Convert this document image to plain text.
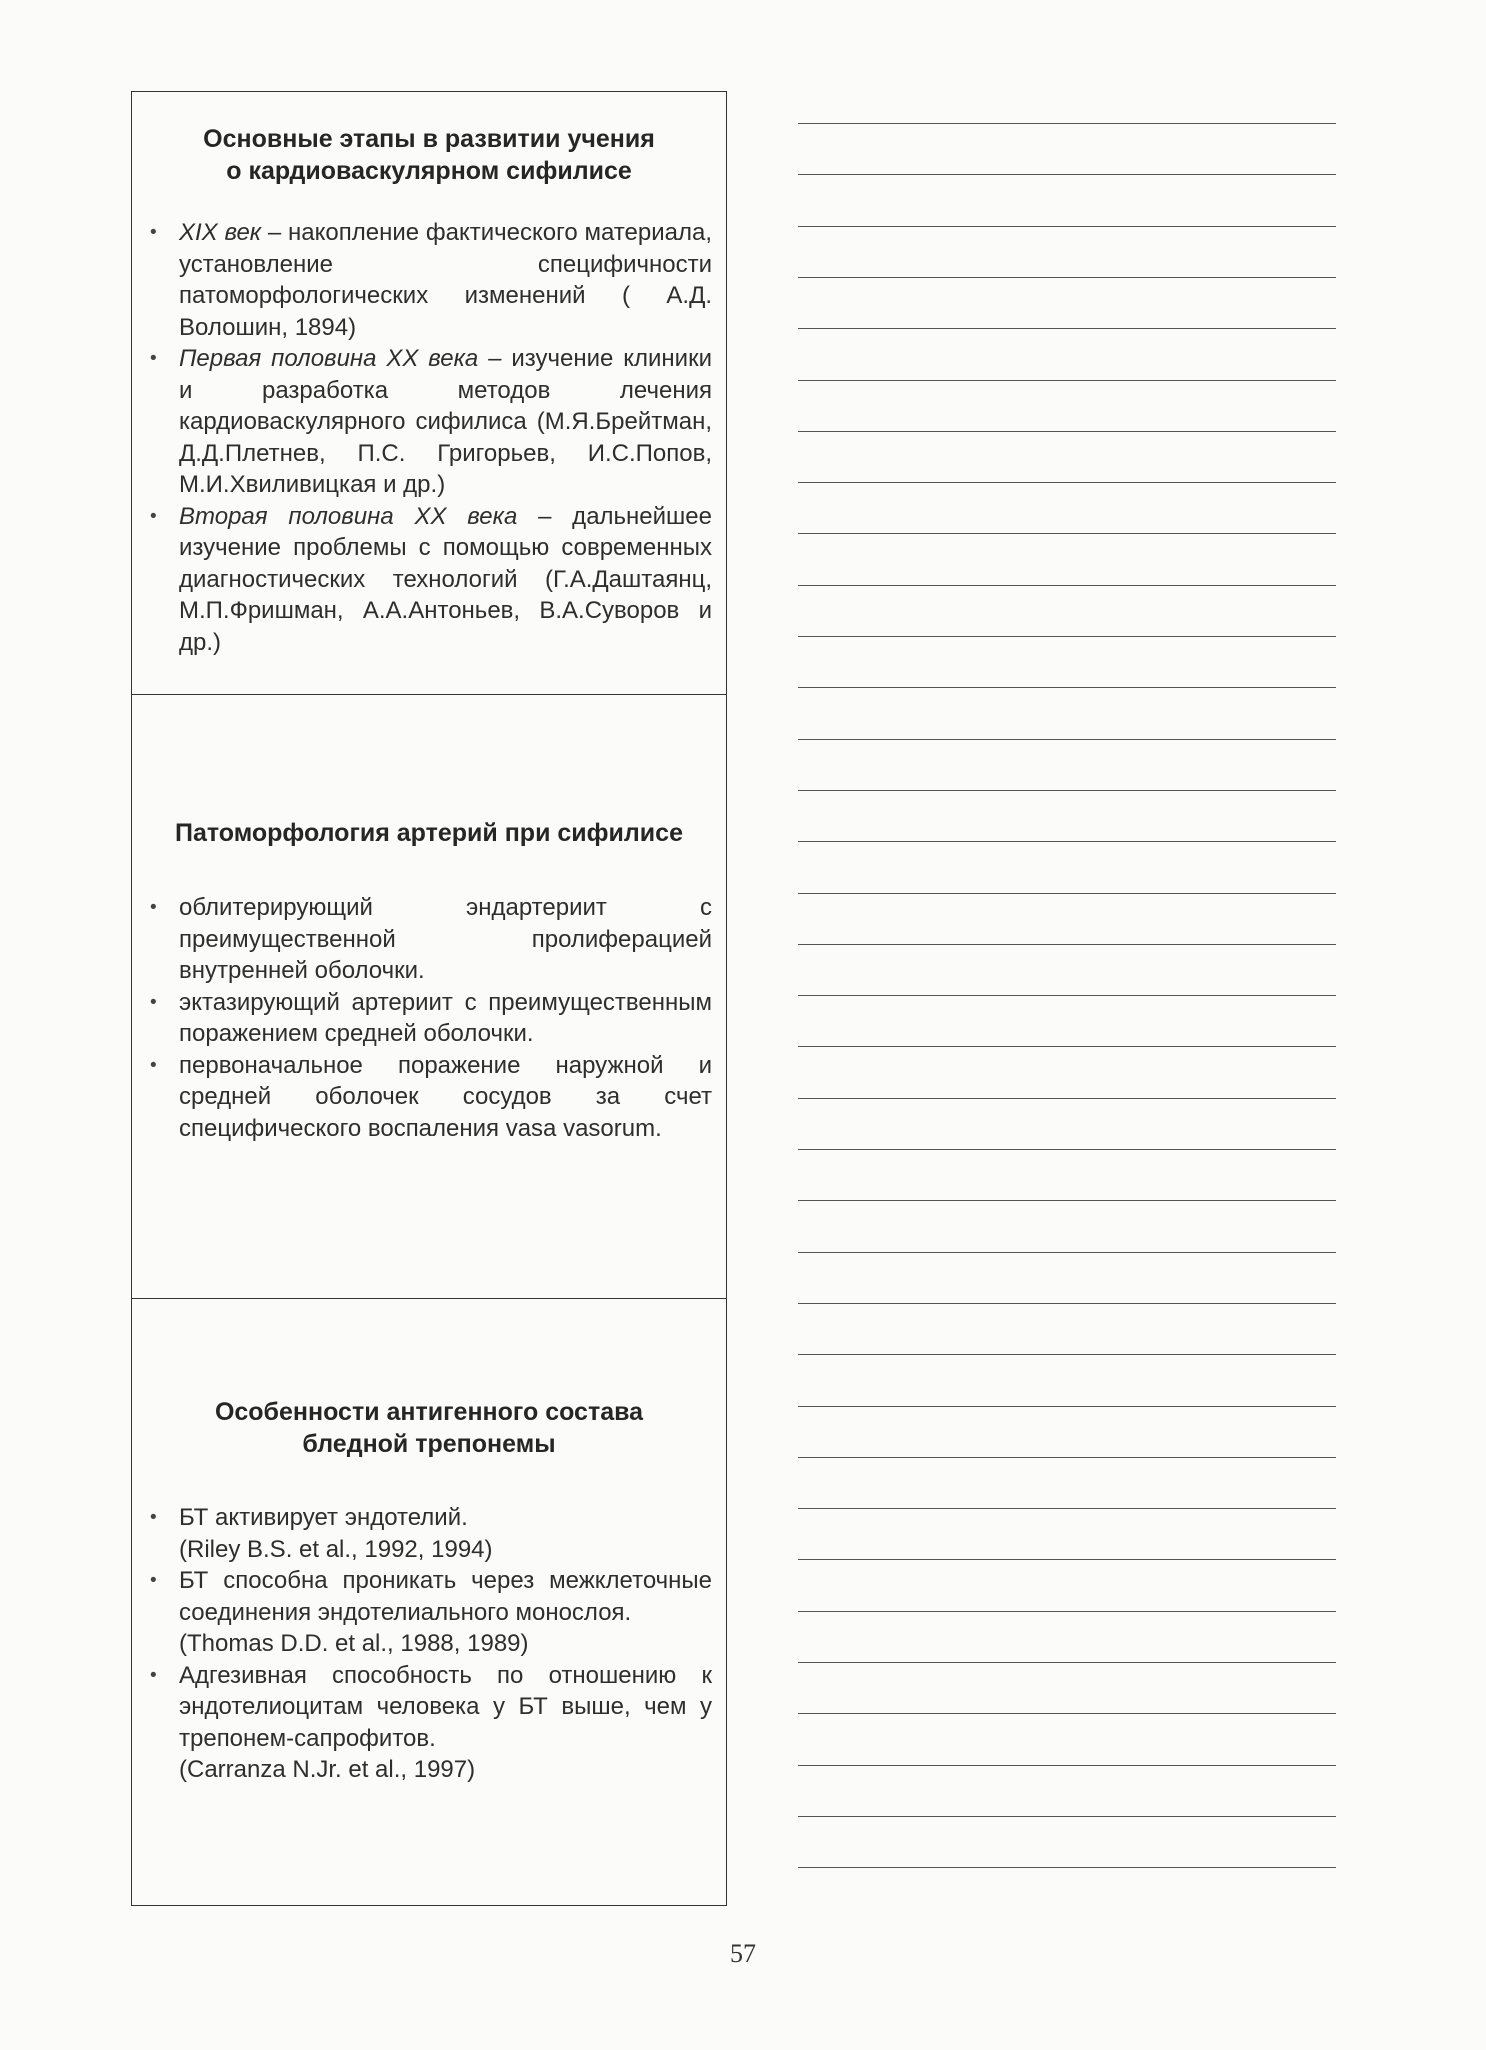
Основные этапы в развитии учения
о кардиоваскулярном сифилисе
• XIX век – накопление фактического материала, установление специфичности патоморфологических изменений ( А.Д. Волошин, 1894)
• Первая половина XX века – изучение клиники и разработка методов лечения кардиоваскулярного сифилиса (М.Я.Брейтман, Д.Д.Плетнев, П.С. Григорьев, И.С.Попов, М.И.Хвиливицкая и др.)
• Вторая половина XX века – дальнейшее изучение проблемы с помощью современных диагностических технологий (Г.А.Даштаянц, М.П.Фришман, А.А.Антоньев, В.А.Суворов и др.)
Патоморфология артерий при сифилисе
• облитерирующий эндартериит с преимущественной пролиферацией внутренней оболочки.
• эктазирующий артериит с преимущественным поражением средней оболочки.
• первоначальное поражение наружной и средней оболочек сосудов за счет специфического воспаления vasa vasorum.
Особенности антигенного состава
бледной трепонемы
• БТ активирует эндотелий.
(Riley B.S. et al., 1992, 1994)
• БТ способна проникать через межклеточные соединения эндотелиального монослоя.
(Thomas D.D. et al., 1988, 1989)
• Адгезивная способность по отношению к эндотелиоцитам человека у БТ выше, чем у трепонем-сапрофитов.
(Carranza N.Jr. et al., 1997)
57
